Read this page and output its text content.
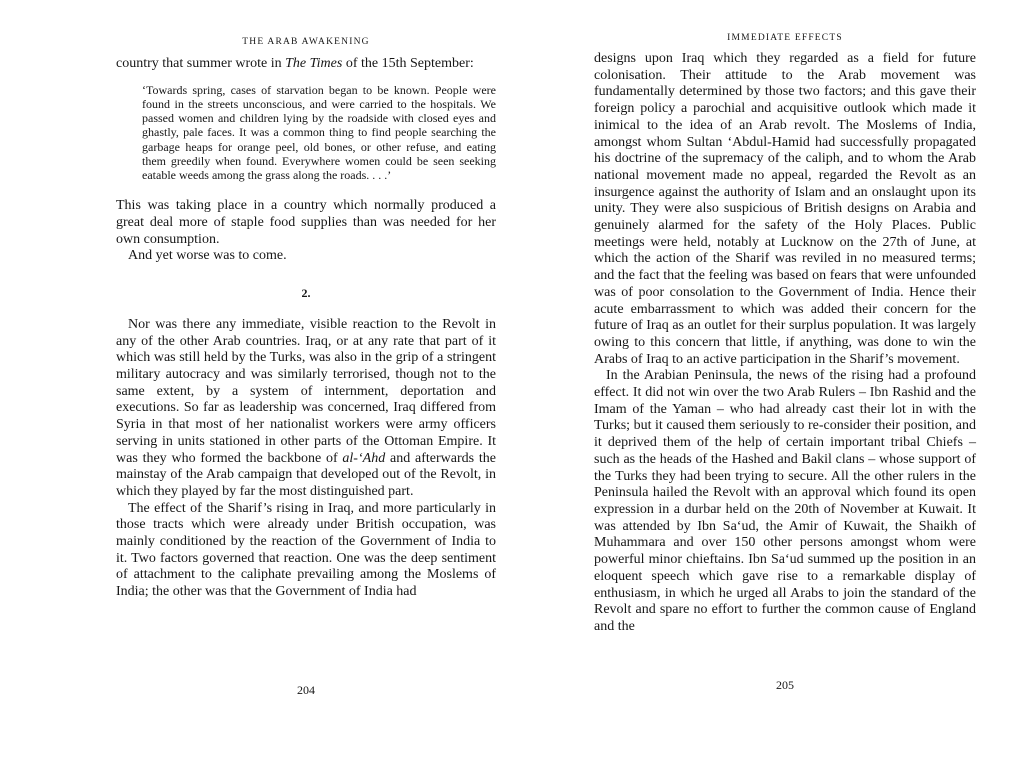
THE ARAB AWAKENING

country that summer wrote in The Times of the 15th September:

‘Towards spring, cases of starvation began to be known. People were found in the streets unconscious, and were carried to the hospitals. We passed women and children lying by the roadside with closed eyes and ghastly, pale faces. It was a common thing to find people searching the garbage heaps for orange peel, old bones, or other refuse, and eating them greedily when found. Everywhere women could be seen seeking eatable weeds among the grass along the roads. . . .’

This was taking place in a country which normally produced a great deal more of staple food supplies than was needed for her own consumption.

And yet worse was to come.

2.

Nor was there any immediate, visible reaction to the Revolt in any of the other Arab countries. Iraq, or at any rate that part of it which was still held by the Turks, was also in the grip of a stringent military autocracy and was similarly terrorised, though not to the same extent, by a system of internment, deportation and executions. So far as leadership was concerned, Iraq differed from Syria in that most of her nationalist workers were army officers serving in units stationed in other parts of the Ottoman Empire. It was they who formed the backbone of al-‘Ahd and afterwards the mainstay of the Arab campaign that developed out of the Revolt, in which they played by far the most distinguished part.

The effect of the Sharif’s rising in Iraq, and more particularly in those tracts which were already under British occupation, was mainly conditioned by the reaction of the Government of India to it. Two factors governed that reaction. One was the deep sentiment of attachment to the caliphate prevailing among the Moslems of India; the other was that the Government of India had

204
IMMEDIATE EFFECTS

designs upon Iraq which they regarded as a field for future colonisation. Their attitude to the Arab movement was fundamentally determined by those two factors; and this gave their foreign policy a parochial and acquisitive outlook which made it inimical to the idea of an Arab revolt. The Moslems of India, amongst whom Sultan ‘Abdul-Hamid had successfully propagated his doctrine of the supremacy of the caliph, and to whom the Arab national movement made no appeal, regarded the Revolt as an insurgence against the authority of Islam and an onslaught upon its unity. They were also suspicious of British designs on Arabia and genuinely alarmed for the safety of the Holy Places. Public meetings were held, notably at Lucknow on the 27th of June, at which the action of the Sharif was reviled in no measured terms; and the fact that the feeling was based on fears that were unfounded was of poor consolation to the Government of India. Hence their acute embarrassment to which was added their concern for the future of Iraq as an outlet for their surplus population. It was largely owing to this concern that little, if anything, was done to win the Arabs of Iraq to an active participation in the Sharif’s movement.

In the Arabian Peninsula, the news of the rising had a profound effect. It did not win over the two Arab Rulers – Ibn Rashid and the Imam of the Yaman – who had already cast their lot in with the Turks; but it caused them seriously to re-consider their position, and it deprived them of the help of certain important tribal Chiefs – such as the heads of the Hashed and Bakil clans – whose support of the Turks they had been trying to secure. All the other rulers in the Peninsula hailed the Revolt with an approval which found its open expression in a durbar held on the 20th of November at Kuwait. It was attended by Ibn Sa‘ud, the Amir of Kuwait, the Shaikh of Muhammara and over 150 other persons amongst whom were powerful minor chieftains. Ibn Sa‘ud summed up the position in an eloquent speech which gave rise to a remarkable display of enthusiasm, in which he urged all Arabs to join the standard of the Revolt and spare no effort to further the common cause of England and the

205
